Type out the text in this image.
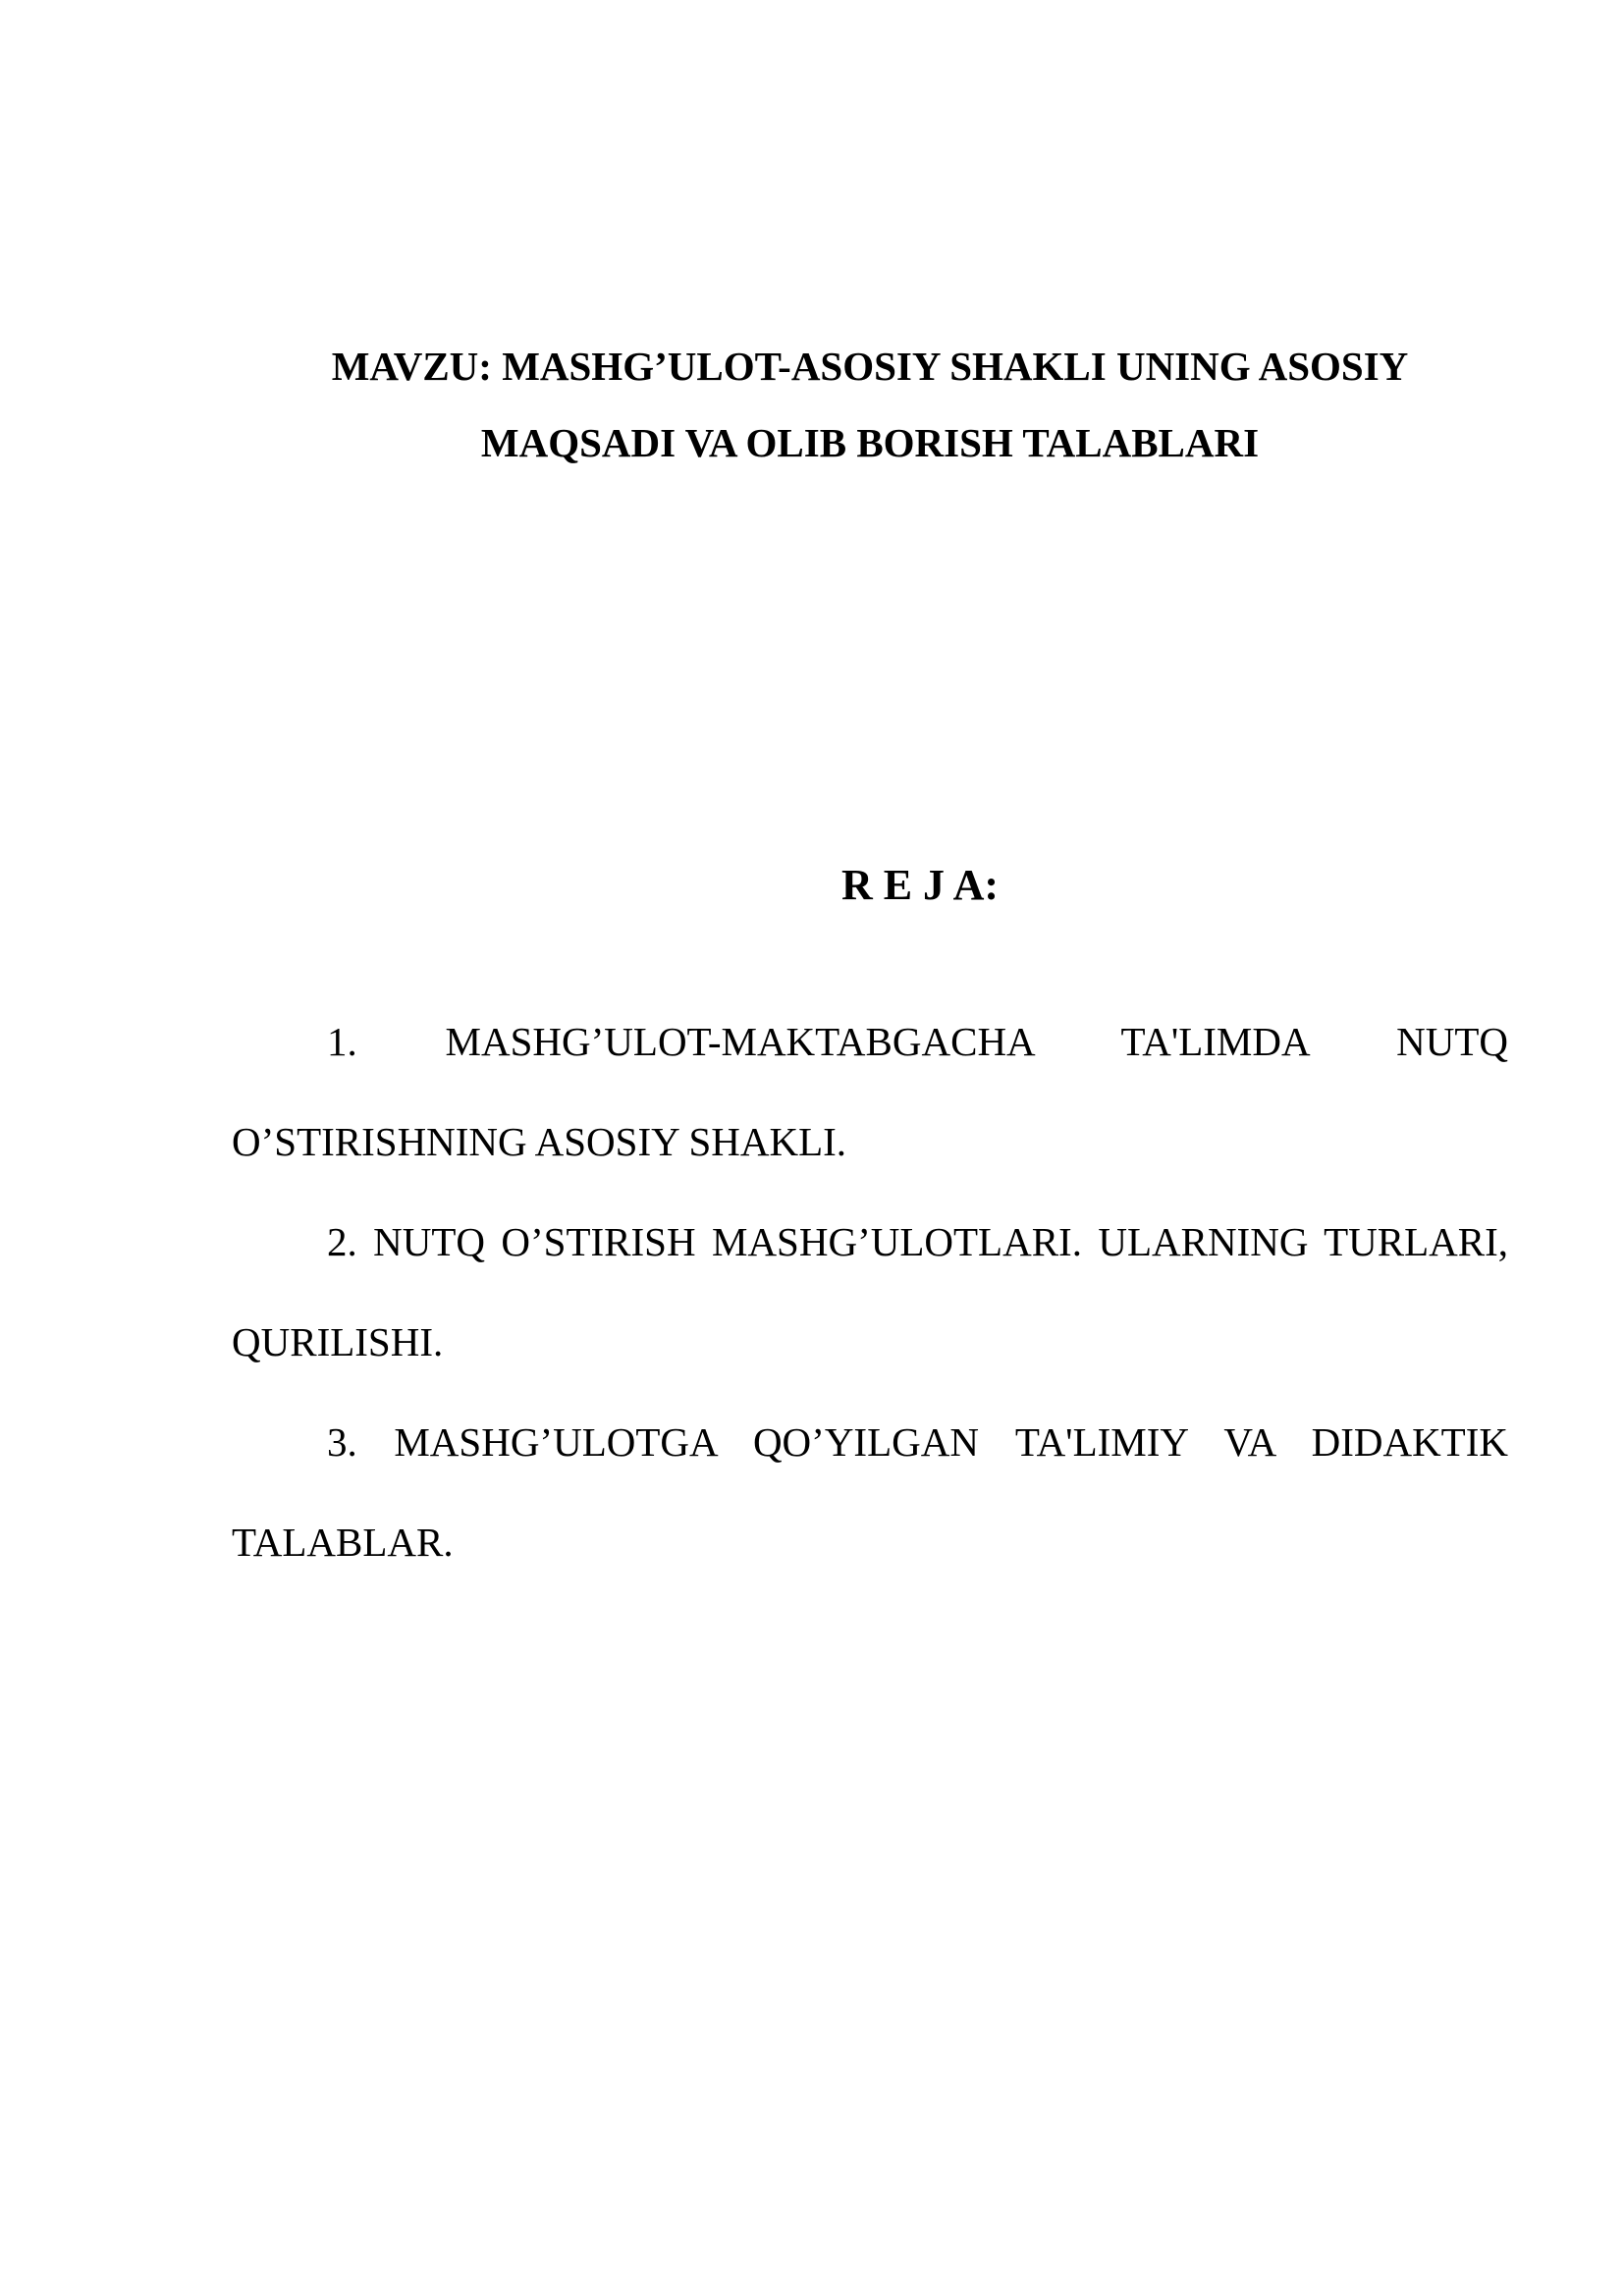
MAVZU: MASHG’ULOT-ASOSIY SHAKLI UNING ASOSIY
MAQSADI VA OLIB BORISH TALABLARI
R E J A:
1. MASHG’ULOT-MAKTABGACHA TA'LIMDA NUTQ O’STIRISHNING ASOSIY SHAKLI.
2. NUTQ O’STIRISH MASHG’ULOTLARI. ULARNING TURLARI, QURILISHI.
3. MASHG’ULOTGA QO’YILGAN TA'LIMIY VA DIDAKTIK TALABLAR.
